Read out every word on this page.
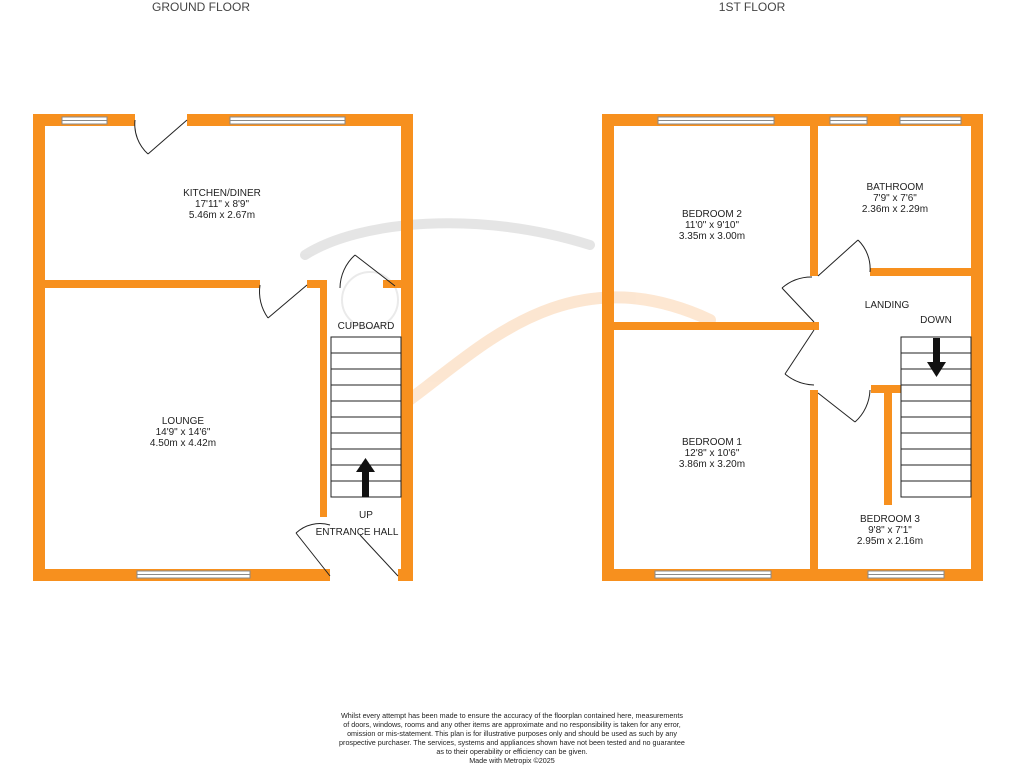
GROUND FLOOR
KITCHEN/DINER
17'11" x 8'9"
5.46m x 2.67m
LOUNGE
14'9" x 14'6"
4.50m x 4.42m
CUPBOARD
UP
ENTRANCE HALL
1ST FLOOR
BEDROOM 2
11'0" x 9'10"
3.35m x 3.00m
BATHROOM
7'9" x 7'6"
2.36m x 2.29m
LANDING
DOWN
BEDROOM 1
12'8" x 10'6"
3.86m x 3.20m
BEDROOM 3
9'8" x 7'1"
2.95m x 2.16m
Whilst every attempt has been made to ensure the accuracy of the floorplan contained here, measurements
of doors, windows, rooms and any other items are approximate and no responsibility is taken for any error,
omission or mis-statement. This plan is for illustrative purposes only and should be used as such by any
prospective purchaser. The services, systems and appliances shown have not been tested and no guarantee
as to their operability or efficiency can be given.
Made with Metropix ©2025
